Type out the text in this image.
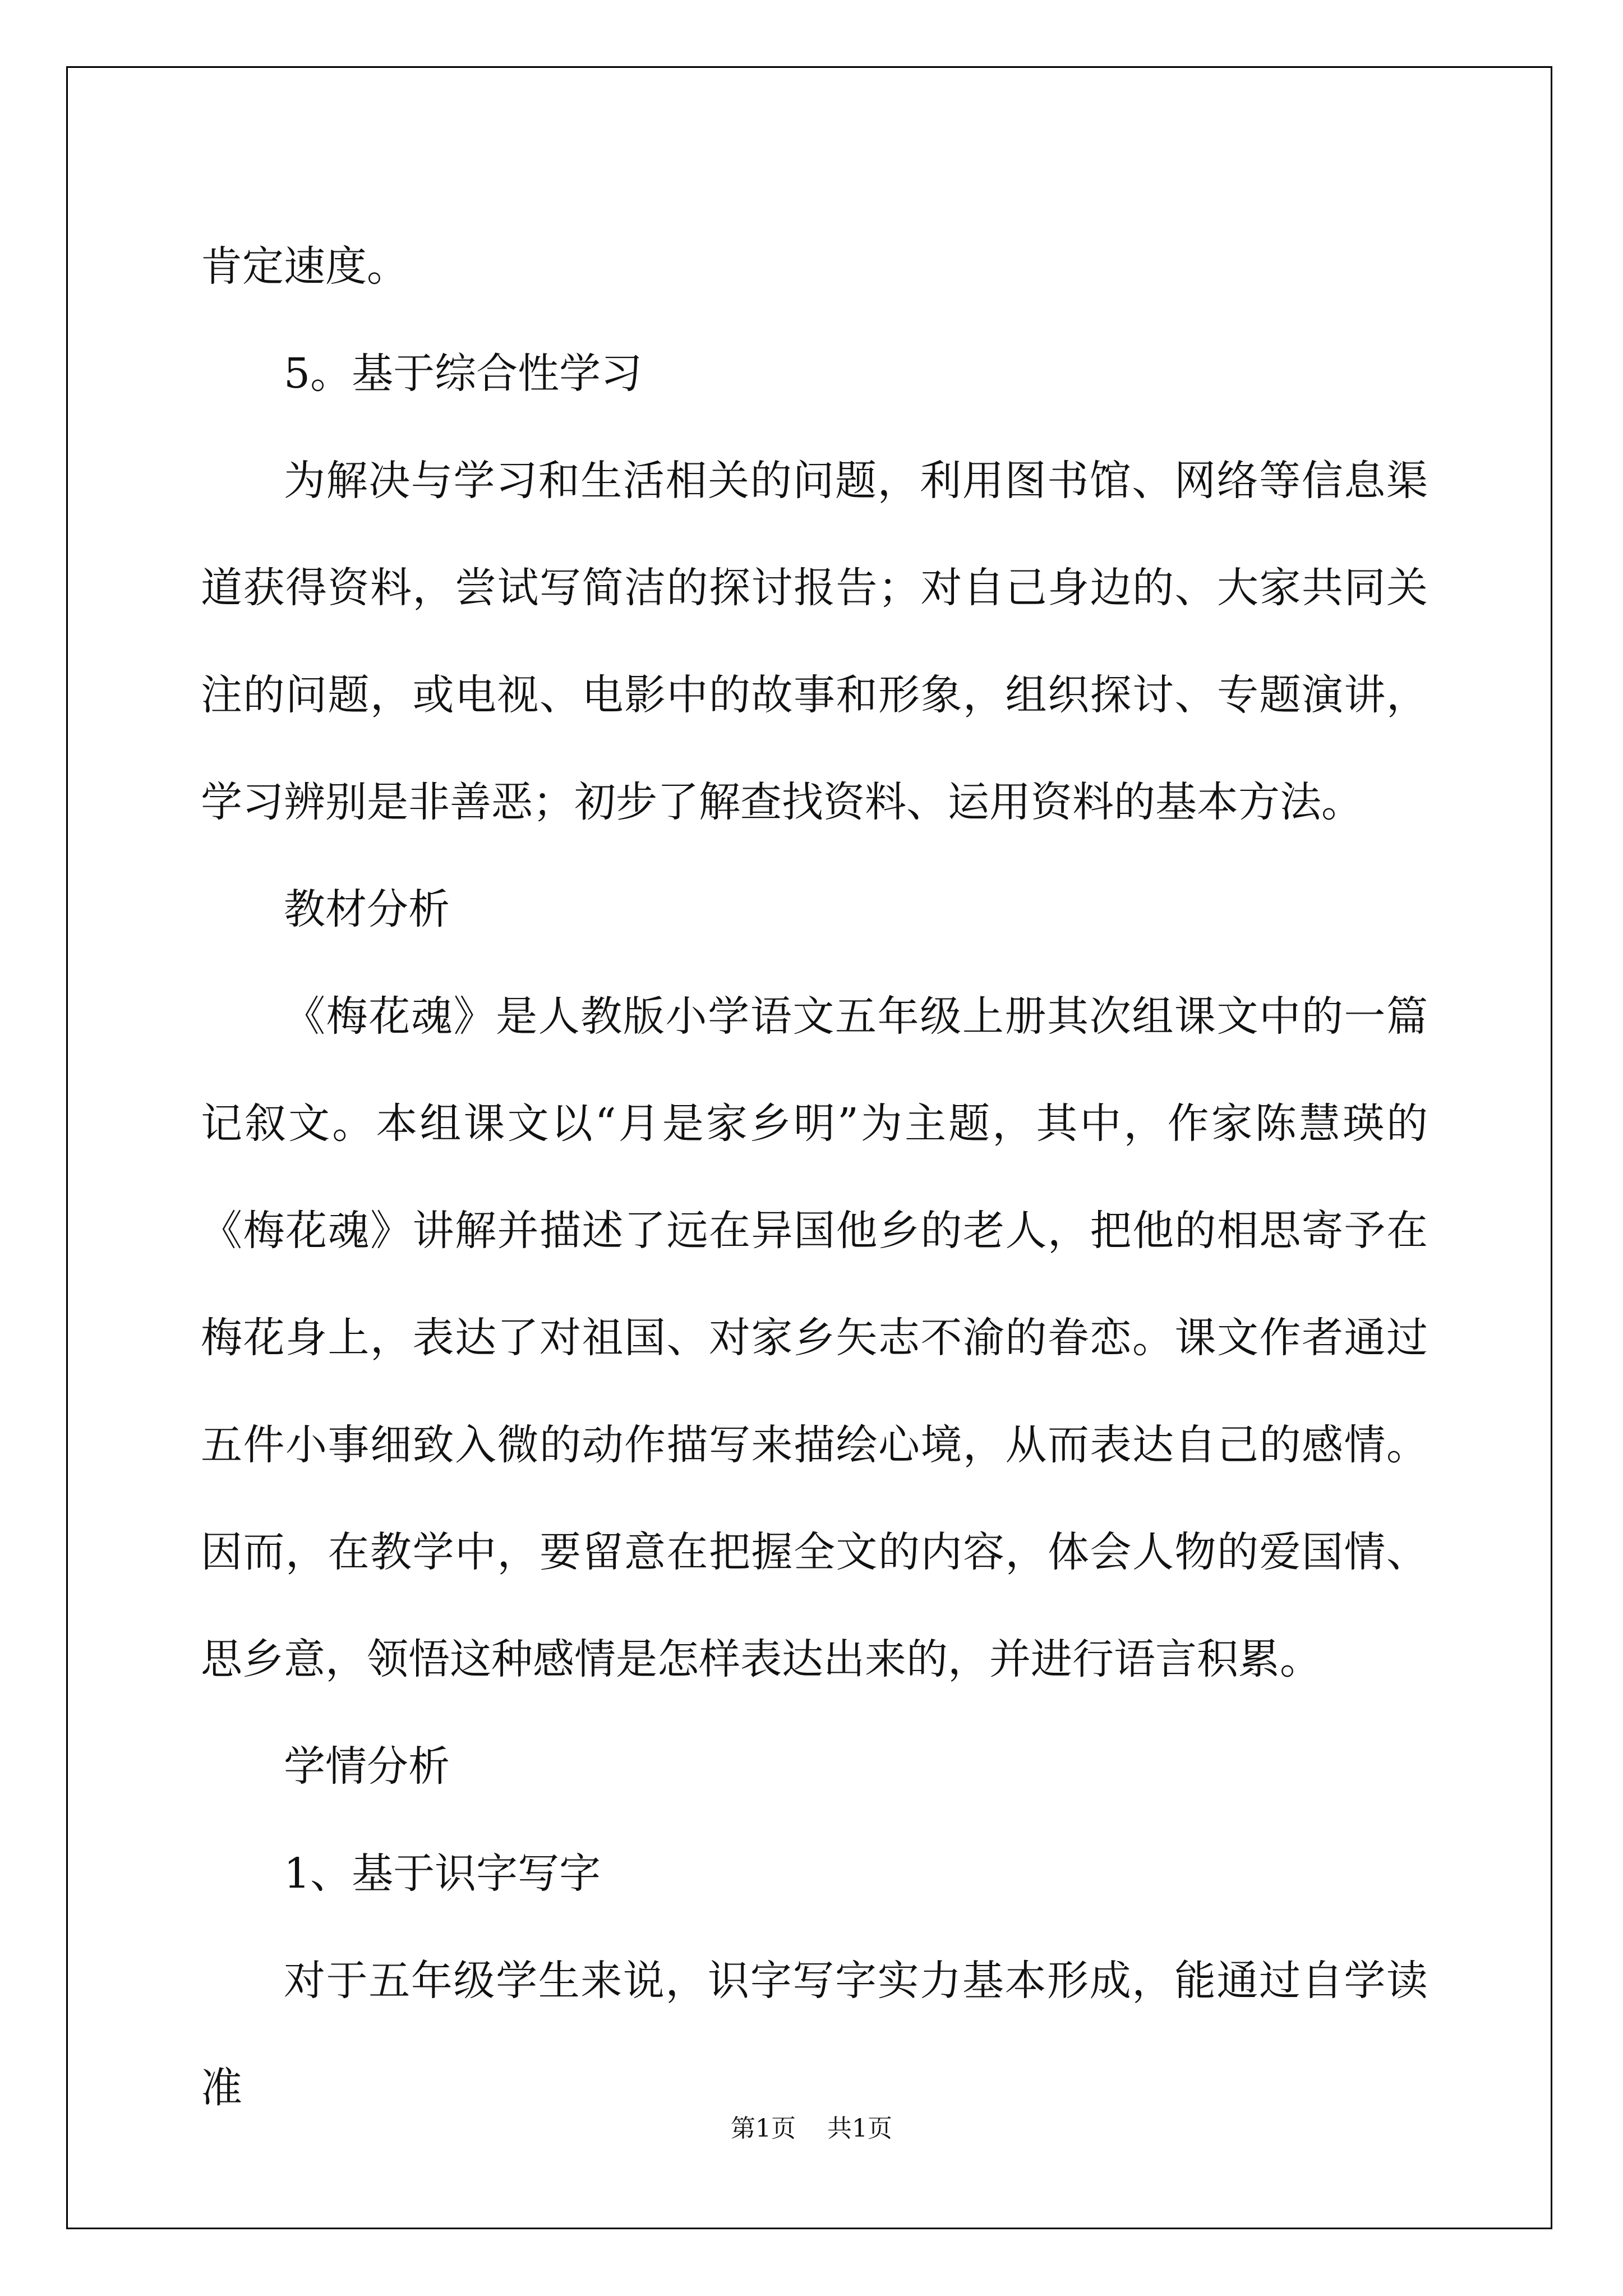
肯定速度。

5。基于综合性学习

为解决与学习和生活相关的问题，利用图书馆、网络等信息渠道获得资料，尝试写简洁的探讨报告；对自己身边的、大家共同关注的问题，或电视、电影中的故事和形象，组织探讨、专题演讲，学习辨别是非善恶；初步了解查找资料、运用资料的基本方法。

教材分析

《梅花魂》是人教版小学语文五年级上册其次组课文中的一篇记叙文。本组课文以“月是家乡明”为主题，其中，作家陈慧瑛的《梅花魂》讲解并描述了远在异国他乡的老人，把他的相思寄予在梅花身上，表达了对祖国、对家乡矢志不渝的眷恋。课文作者通过五件小事细致入微的动作描写来描绘心境，从而表达自己的感情。因而，在教学中，要留意在把握全文的内容，体会人物的爱国情、思乡意，领悟这种感情是怎样表达出来的，并进行语言积累。

学情分析

1、基于识字写字

对于五年级学生来说，识字写字实力基本形成，能通过自学读准

第1页 共1页
